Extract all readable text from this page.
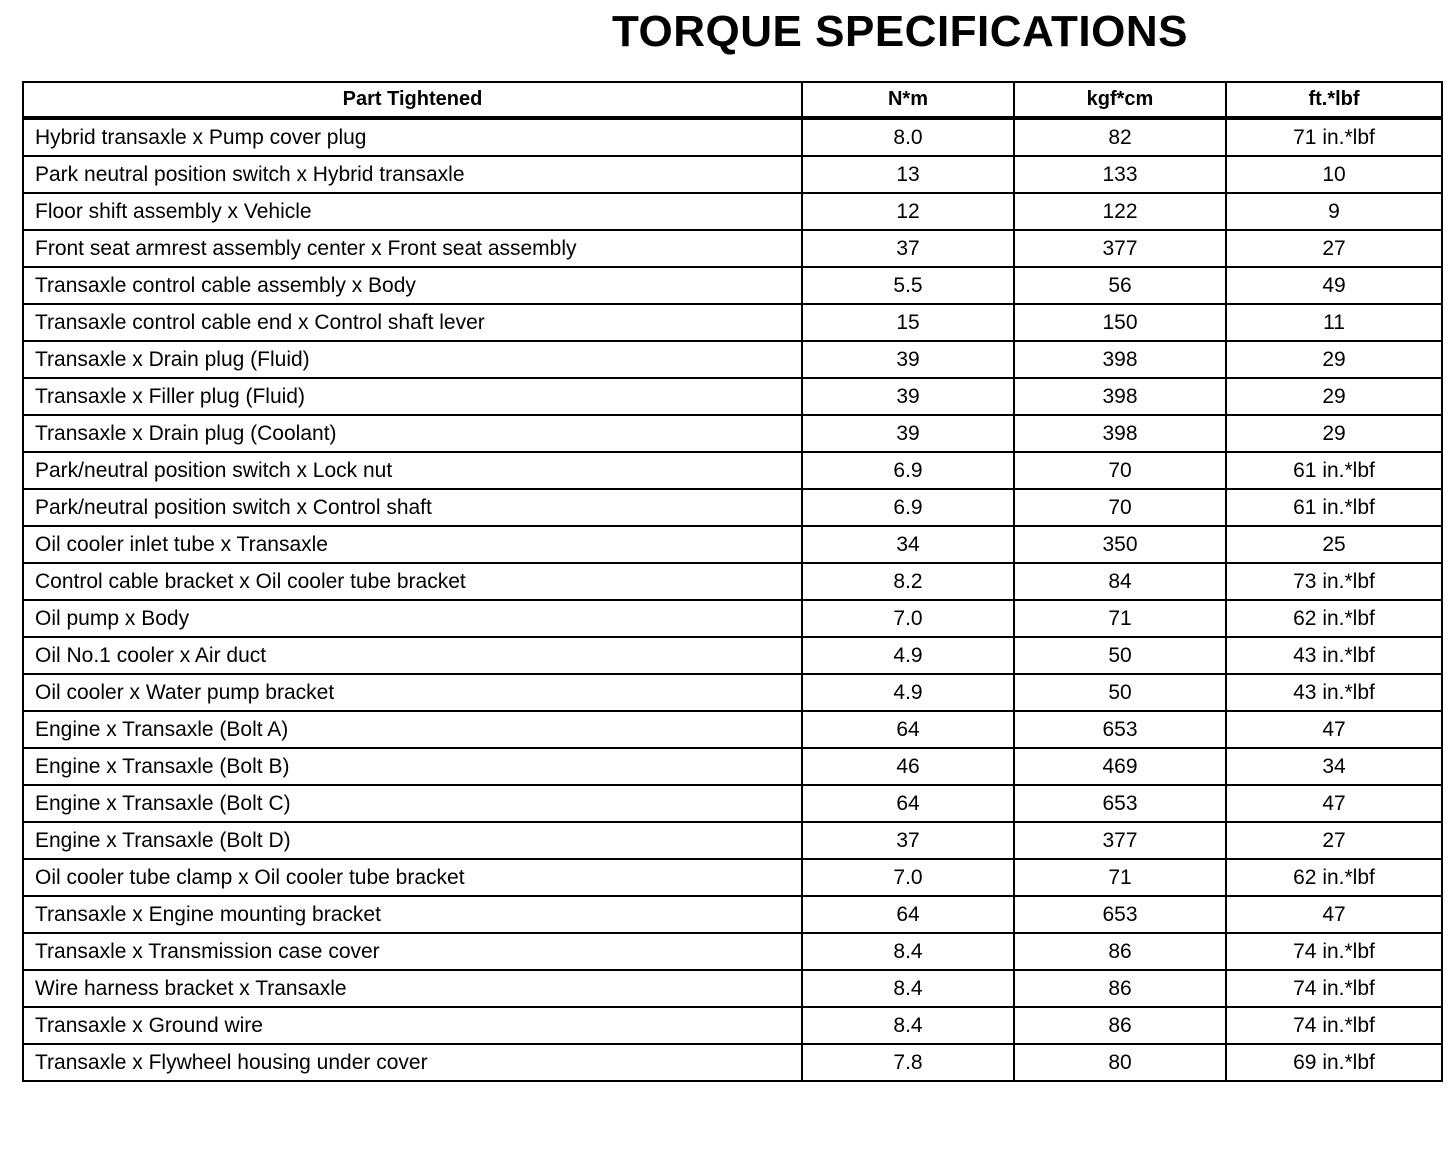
TORQUE SPECIFICATIONS
Part Tightened	N*m	kgf*cm	ft.*lbf
Hybrid transaxle x Pump cover plug	8.0	82	71 in.*lbf
Park neutral position switch x Hybrid transaxle	13	133	10
Floor shift assembly x Vehicle	12	122	9
Front seat armrest assembly center x Front seat assembly	37	377	27
Transaxle control cable assembly x Body	5.5	56	49
Transaxle control cable end x Control shaft lever	15	150	11
Transaxle x Drain plug (Fluid)	39	398	29
Transaxle x Filler plug (Fluid)	39	398	29
Transaxle x Drain plug (Coolant)	39	398	29
Park/neutral position switch x Lock nut	6.9	70	61 in.*lbf
Park/neutral position switch x Control shaft	6.9	70	61 in.*lbf
Oil cooler inlet tube x Transaxle	34	350	25
Control cable bracket x Oil cooler tube bracket	8.2	84	73 in.*lbf
Oil pump x Body	7.0	71	62 in.*lbf
Oil No.1 cooler x Air duct	4.9	50	43 in.*lbf
Oil cooler x Water pump bracket	4.9	50	43 in.*lbf
Engine x Transaxle (Bolt A)	64	653	47
Engine x Transaxle (Bolt B)	46	469	34
Engine x Transaxle (Bolt C)	64	653	47
Engine x Transaxle (Bolt D)	37	377	27
Oil cooler tube clamp x Oil cooler tube bracket	7.0	71	62 in.*lbf
Transaxle x Engine mounting bracket	64	653	47
Transaxle x Transmission case cover	8.4	86	74 in.*lbf
Wire harness bracket x Transaxle	8.4	86	74 in.*lbf
Transaxle x Ground wire	8.4	86	74 in.*lbf
Transaxle x Flywheel housing under cover	7.8	80	69 in.*lbf
